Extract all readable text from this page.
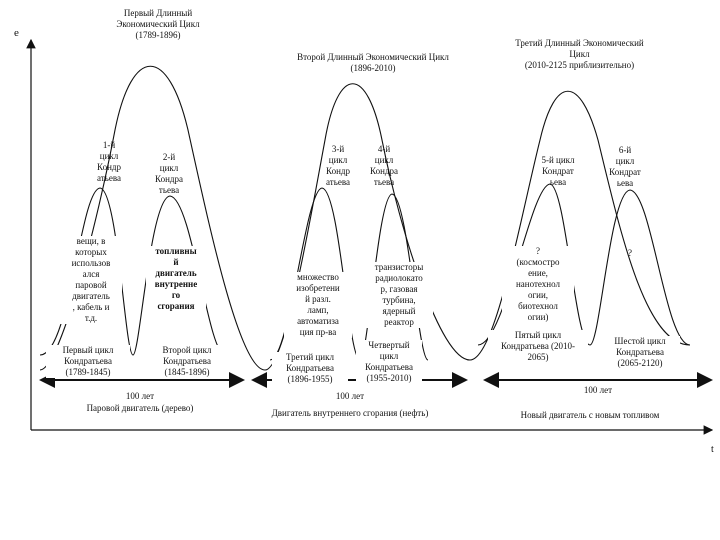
е
t
Первый Длинный
Экономический Цикл
(1789-1896)
Второй Длинный Экономический Цикл
(1896-2010)
Третий Длинный Экономический
Цикл
(2010-2125 приблизительно)
1-й
цикл
Кондр
атьева
2-й
цикл
Кондра
тьева
3-й
цикл
Кондр
атьева
4-й
цикл
Кондра
тьева
5-й цикл
Кондрат
ьева
6-й
цикл
Кондрат
ьева
вещи, в
которых
использов
ался
паровой
двигатель
, кабель и
т.д.
топливны
й
двигатель
внутренне
го
сгорания
множество
изобретени
й разл.
ламп,
автоматиза
ция пр-ва
транзисторы
радиолокато
р, газовая
турбина,
ядерный
реактор
?
(космостро
ение,
нанотехнол
огии,
биотехнол
огии)
?
Первый цикл
Кондратьева
(1789-1845)
Второй цикл
Кондратьева
(1845-1896)
Третий цикл
Кондратьева
(1896-1955)
Четвертый
цикл
Кондратьева
(1955-2010)
Пятый цикл
Кондратьева (2010-
2065)
Шестой цикл
Кондратьева
(2065-2120)
100 лет
Паровой двигатель (дерево)
100 лет
Двигатель внутреннего сгорания (нефть)
100 лет
Новый двигатель с новым топливом
